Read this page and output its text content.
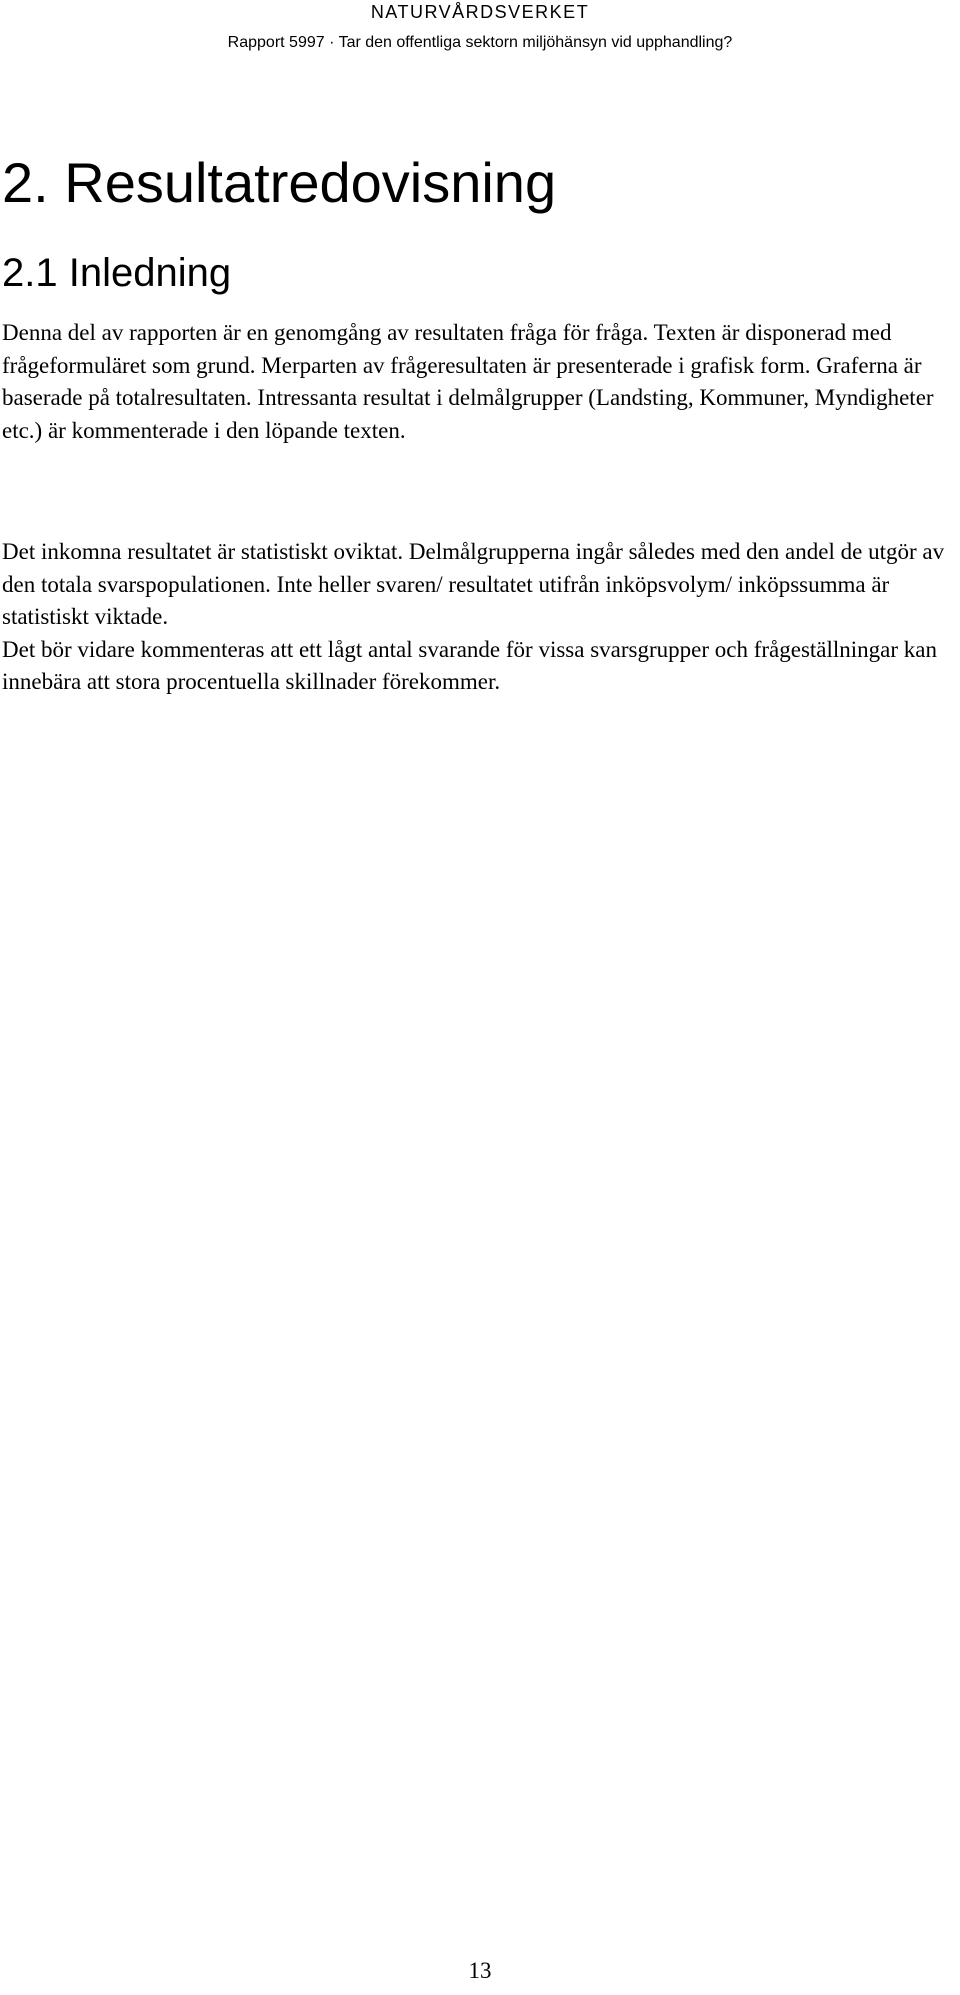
NATURVÅRDSVERKET
Rapport 5997 · Tar den offentliga sektorn miljöhänsyn vid upphandling?
2. Resultatredovisning
2.1 Inledning

Denna del av rapporten är en genomgång av resultaten fråga för fråga. Texten är disponerad med frågeformuläret som grund. Merparten av frågeresultaten är presenterade i grafisk form. Graferna är baserade på totalresultaten. Intressanta resultat i delmålgrupper (Landsting, Kommuner, Myndigheter etc.) är kommenterade i den löpande texten.

Det inkomna resultatet är statistiskt oviktat. Delmålgrupperna ingår således med den andel de utgör av den totala svarspopulationen. Inte heller svaren/ resultatet utifrån inköpsvolym/ inköpssumma är statistiskt viktade.
Det bör vidare kommenteras att ett lågt antal svarande för vissa svarsgrupper och frågeställningar kan innebära att stora procentuella skillnader förekommer.
13
